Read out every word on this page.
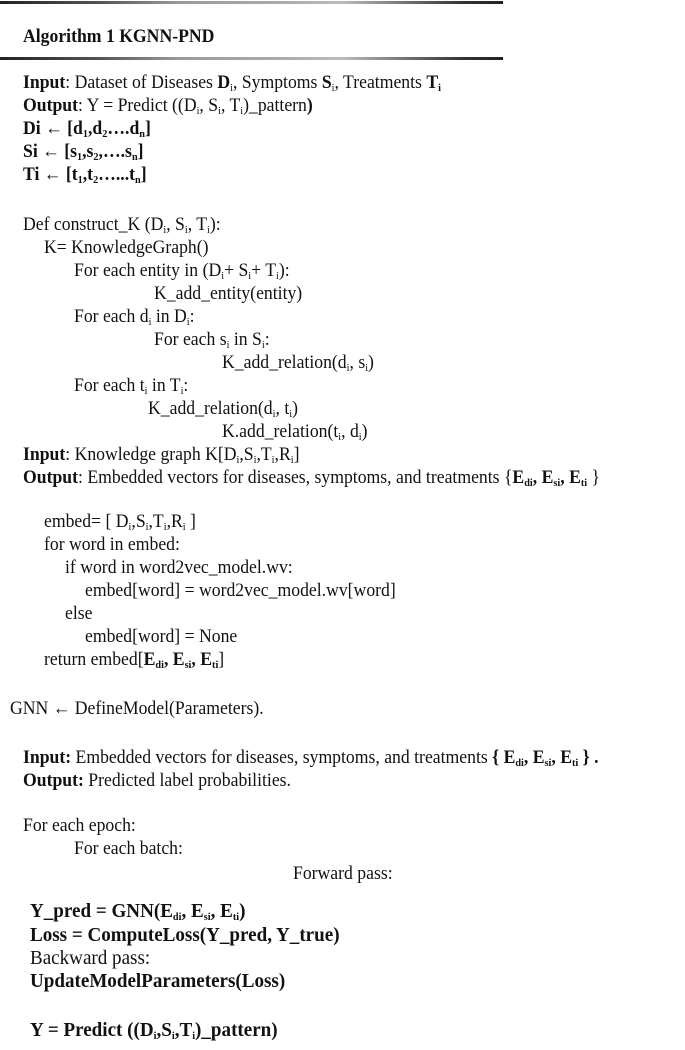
Algorithm 1 KGNN-PND
Input: Dataset of Diseases $D_i$, Symptoms $S_i$, Treatments $T_i$
Output: Y = Predict (($D_i$, $S_i$, $T_i)\_pattern$)
Di ← $[d_1,d_2\dots.d_n]$
Si ← $[s_1,s_2,\dots.s_n]$
Ti ← $[t_1,t_2\dots...t_n]$
Def construct_K ($D_i$, $S_i$, $T_i$):
K= KnowledgeGraph()
For each entity in $(D_i+ S_i+ T_i)$:
K_add_entity(entity)
For each $d_i$ in $D_i$:
For each $s_i$ in $S_i$:
$K\_add\_relation(d_i$, $s_i$)
For each $t_i$ in $T_i$:
$K\_add\_relation(d_i$, $t_i$)
$K.add\_relation(t_i$, $d_i$)
Input: Knowledge graph $K[D_i,S_i,T_i,R_i]$
Output: Embedded vectors for diseases, symptoms, and treatments {$E_{di}$, $E_{si}$, $E_{ti}$ }
embed= [ $D_i,S_i,T_i,R_i$ ]
for word in embed:
if word in word2vec_model.wv:
embed[word] = word2vec_model.wv[word]
else
embed[word] = None
return $embed[E_{di}$, $E_{si}$, $E_{ti}$]
GNN ← DefineModel(Parameters).
Input: Embedded vectors for diseases, symptoms, and treatments { $E_{di}$, $E_{si}$, $E_{ti}$ } .
Output: Predicted label probabilities.
For each epoch:
For each batch:
Forward pass:
Y_pred = $GNN(E_{di}$, $E_{si}$, $E_{ti}$)
Loss = ComputeLoss(Y_pred, Y_true)
Backward pass:
UpdateModelParameters(Loss)
Y = Predict $((D_i,S_i,T_i)\_pattern)$
